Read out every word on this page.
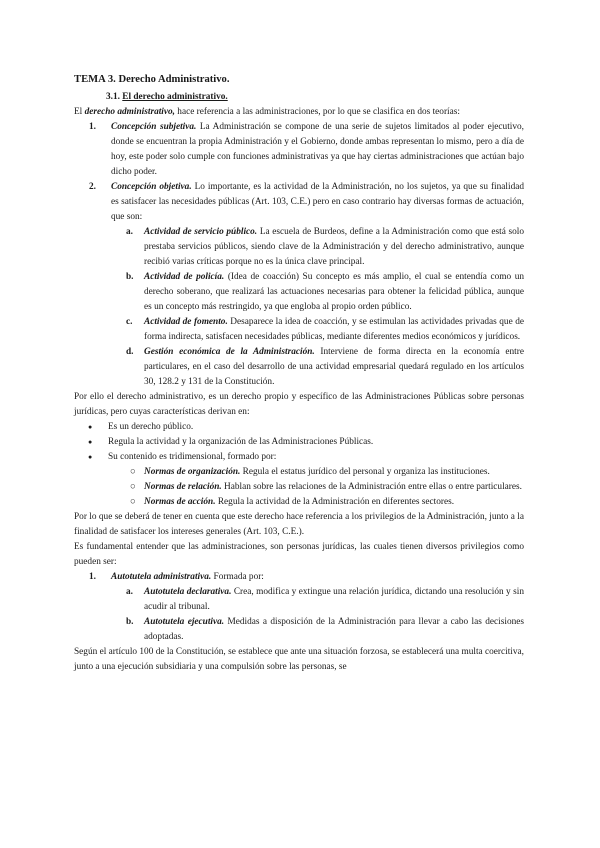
TEMA 3. Derecho Administrativo.
3.1. El derecho administrativo.

El derecho administrativo, hace referencia a las administraciones, por lo que se clasifica en dos teorías:

1.	Concepción subjetiva. La Administración se compone de una serie de sujetos limitados al poder ejecutivo, donde se encuentran la propia Administración y el Gobierno, donde ambas representan lo mismo, pero a día de hoy, este poder solo cumple con funciones administrativas ya que hay ciertas administraciones que actúan bajo dicho poder.
2.	Concepción objetiva. Lo importante, es la actividad de la Administración, no los sujetos, ya que su finalidad es satisfacer las necesidades públicas (Art. 103, C.E.) pero en caso contrario hay diversas formas de actuación, que son:
a.	Actividad de servicio público. La escuela de Burdeos, define a la Administración como que está solo prestaba servicios públicos, siendo clave de la Administración y del derecho administrativo, aunque recibió varias críticas porque no es la única clave principal.
b.	Actividad de policía. (Idea de coacción) Su concepto es más amplio, el cual se entendía como un derecho soberano, que realizará las actuaciones necesarias para obtener la felicidad pública, aunque es un concepto más restringido, ya que engloba al propio orden público.
c.	Actividad de fomento. Desaparece la idea de coacción, y se estimulan las actividades privadas que de forma indirecta, satisfacen necesidades públicas, mediante diferentes medios económicos y jurídicos.
d.	Gestión económica de la Administración. Interviene de forma directa en la economía entre particulares, en el caso del desarrollo de una actividad empresarial quedará regulado en los artículos 30, 128.2 y 131 de la Constitución.

Por ello el derecho administrativo, es un derecho propio y específico de las Administraciones Públicas sobre personas jurídicas, pero cuyas características derivan en:

●	Es un derecho público.
●	Regula la actividad y la organización de las Administraciones Públicas.
●	Su contenido es tridimensional, formado por:
○ Normas de organización. Regula el estatus jurídico del personal y organiza las instituciones.
○ Normas de relación. Hablan sobre las relaciones de la Administración entre ellas o entre particulares.
○ Normas de acción. Regula la actividad de la Administración en diferentes sectores.

Por lo que se deberá de tener en cuenta que este derecho hace referencia a los privilegios de la Administración, junto a la finalidad de satisfacer los intereses generales (Art. 103, C.E.).

Es fundamental entender que las administraciones, son personas jurídicas, las cuales tienen diversos privilegios como pueden ser:

1.	Autotutela administrativa. Formada por:
a.	Autotutela declarativa. Crea, modifica y extingue una relación jurídica, dictando una resolución y sin acudir al tribunal.
b.	Autotutela ejecutiva. Medidas a disposición de la Administración para llevar a cabo las decisiones adoptadas.

Según el artículo 100 de la Constitución, se establece que ante una situación forzosa, se establecerá una multa coercitiva, junto a una ejecución subsidiaria y una compulsión sobre las personas, se
